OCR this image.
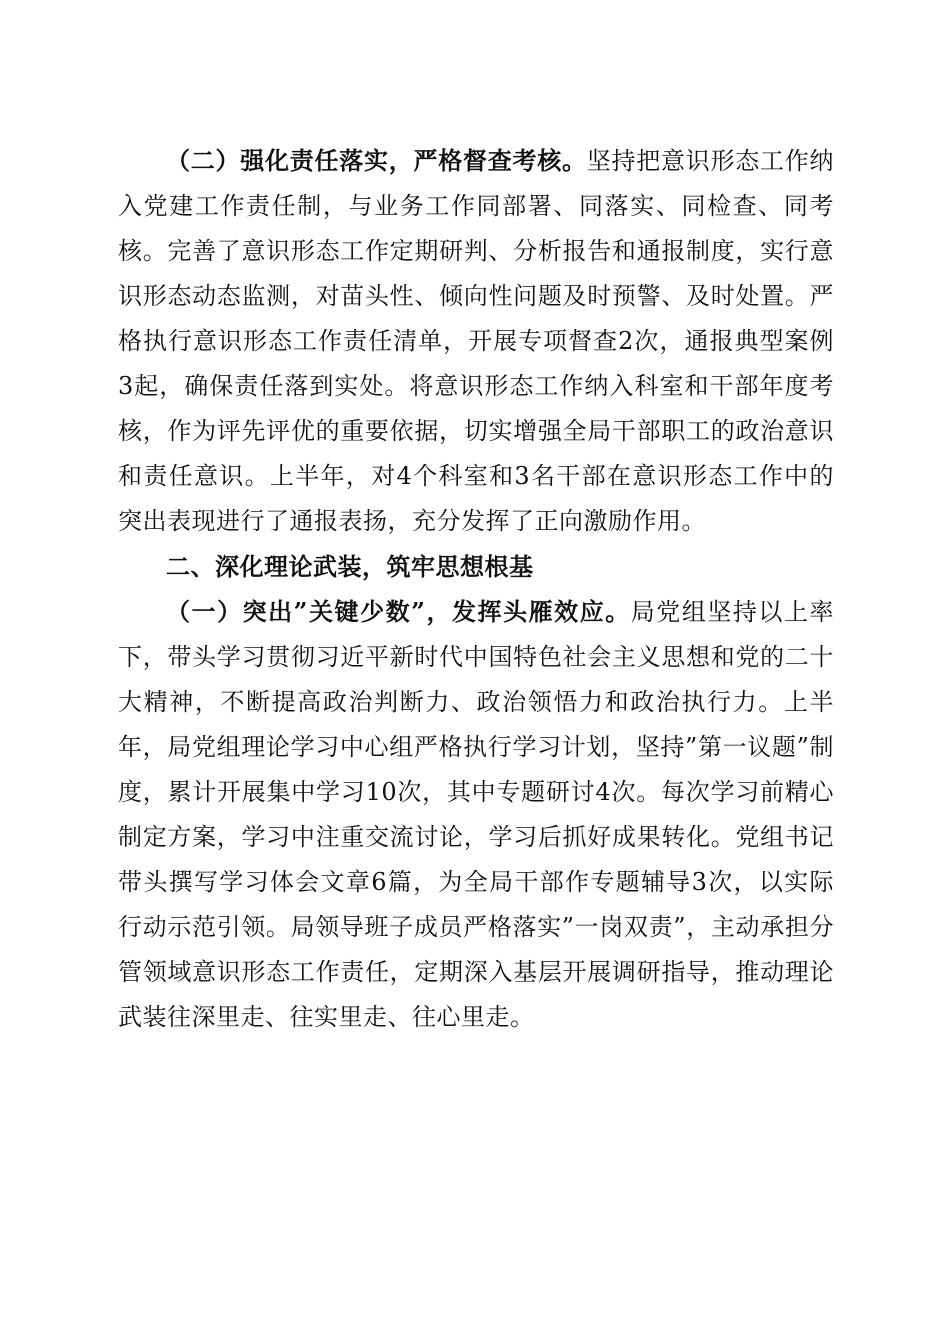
（二）强化责任落实，严格督查考核。坚持把意识形态工作纳入党建工作责任制，与业务工作同部署、同落实、同检查、同考核。完善了意识形态工作定期研判、分析报告和通报制度，实行意识形态动态监测，对苗头性、倾向性问题及时预警、及时处置。严格执行意识形态工作责任清单，开展专项督查2次，通报典型案例3起，确保责任落到实处。将意识形态工作纳入科室和干部年度考核，作为评先评优的重要依据，切实增强全局干部职工的政治意识和责任意识。上半年，对4个科室和3名干部在意识形态工作中的突出表现进行了通报表扬，充分发挥了正向激励作用。

二、深化理论武装，筑牢思想根基

（一）突出”关键少数”，发挥头雁效应。局党组坚持以上率下，带头学习贯彻习近平新时代中国特色社会主义思想和党的二十大精神，不断提高政治判断力、政治领悟力和政治执行力。上半年，局党组理论学习中心组严格执行学习计划，坚持”第一议题”制度，累计开展集中学习10次，其中专题研讨4次。每次学习前精心制定方案，学习中注重交流讨论，学习后抓好成果转化。党组书记带头撰写学习体会文章6篇，为全局干部作专题辅导3次，以实际行动示范引领。局领导班子成员严格落实”一岗双责”，主动承担分管领域意识形态工作责任，定期深入基层开展调研指导，推动理论武装往深里走、往实里走、往心里走。
